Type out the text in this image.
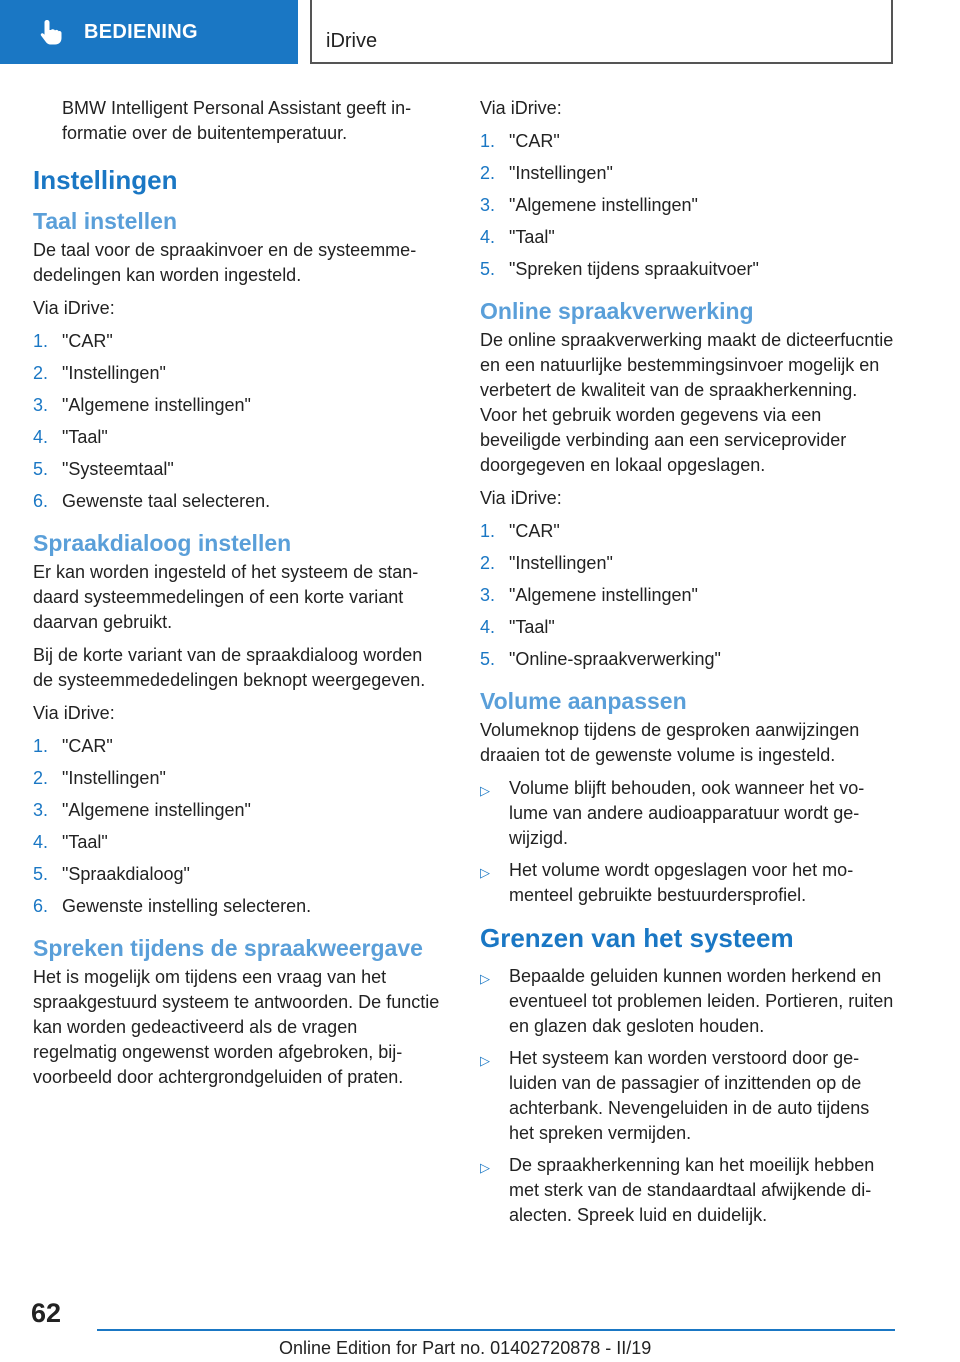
BEDIENING	iDrive

BMW Intelligent Personal Assistant geeft informatie over de buitentemperatuur.

Instellingen
Taal instellen

De taal voor de spraakinvoer en de systeemmededelingen kan worden ingesteld.

Via iDrive:

1. "CAR"
2. "Instellingen"
3. "Algemene instellingen"
4. "Taal"
5. "Systeemtaal"
6. Gewenste taal selecteren.
Spraakdialoog instellen

Er kan worden ingesteld of het systeem de standaard systeemmedelingen of een korte variant daarvan gebruikt.

Bij de korte variant van de spraakdialoog worden de systeemmededelingen beknopt weergegeven.

Via iDrive:

1. "CAR"
2. "Instellingen"
3. "Algemene instellingen"
4. "Taal"
5. "Spraakdialoog"
6. Gewenste instelling selecteren.
Spreken tijdens de spraakweergave

Het is mogelijk om tijdens een vraag van het spraakgestuurd systeem te antwoorden. De functie kan worden gedeactiveerd als de vragen regelmatig ongewenst worden afgebroken, bijvoorbeeld door achtergrondgeluiden of praten.

Via iDrive:

1. "CAR"
2. "Instellingen"
3. "Algemene instellingen"
4. "Taal"
5. "Spreken tijdens spraakuitvoer"
Online spraakverwerking

De online spraakverwerking maakt de dicteerfucntie en een natuurlijke bestemmingsinvoer mogelijk en verbetert de kwaliteit van de spraakherkenning. Voor het gebruik worden gegevens via een beveiligde verbinding aan een serviceprovider doorgegeven en lokaal opgeslagen.

Via iDrive:

1. "CAR"
2. "Instellingen"
3. "Algemene instellingen"
4. "Taal"
5. "Online-spraakverwerking"
Volume aanpassen

Volumeknop tijdens de gesproken aanwijzingen draaien tot de gewenste volume is ingesteld.

▷	Volume blijft behouden, ook wanneer het volume van andere audioapparatuur wordt gewijzigd.
▷	Het volume wordt opgeslagen voor het momenteel gebruikte bestuurdersprofiel.
Grenzen van het systeem
▷	Bepaalde geluiden kunnen worden herkend en eventueel tot problemen leiden. Portieren, ruiten en glazen dak gesloten houden.
▷	Het systeem kan worden verstoord door geluiden van de passagier of inzittenden op de achterbank. Nevengeluiden in de auto tijdens het spreken vermijden.
▷	De spraakherkenning kan het moeilijk hebben met sterk van de standaardtaal afwijkende dialecten. Spreek luid en duidelijk.
62
Online Edition for Part no. 01402720878 - II/19
